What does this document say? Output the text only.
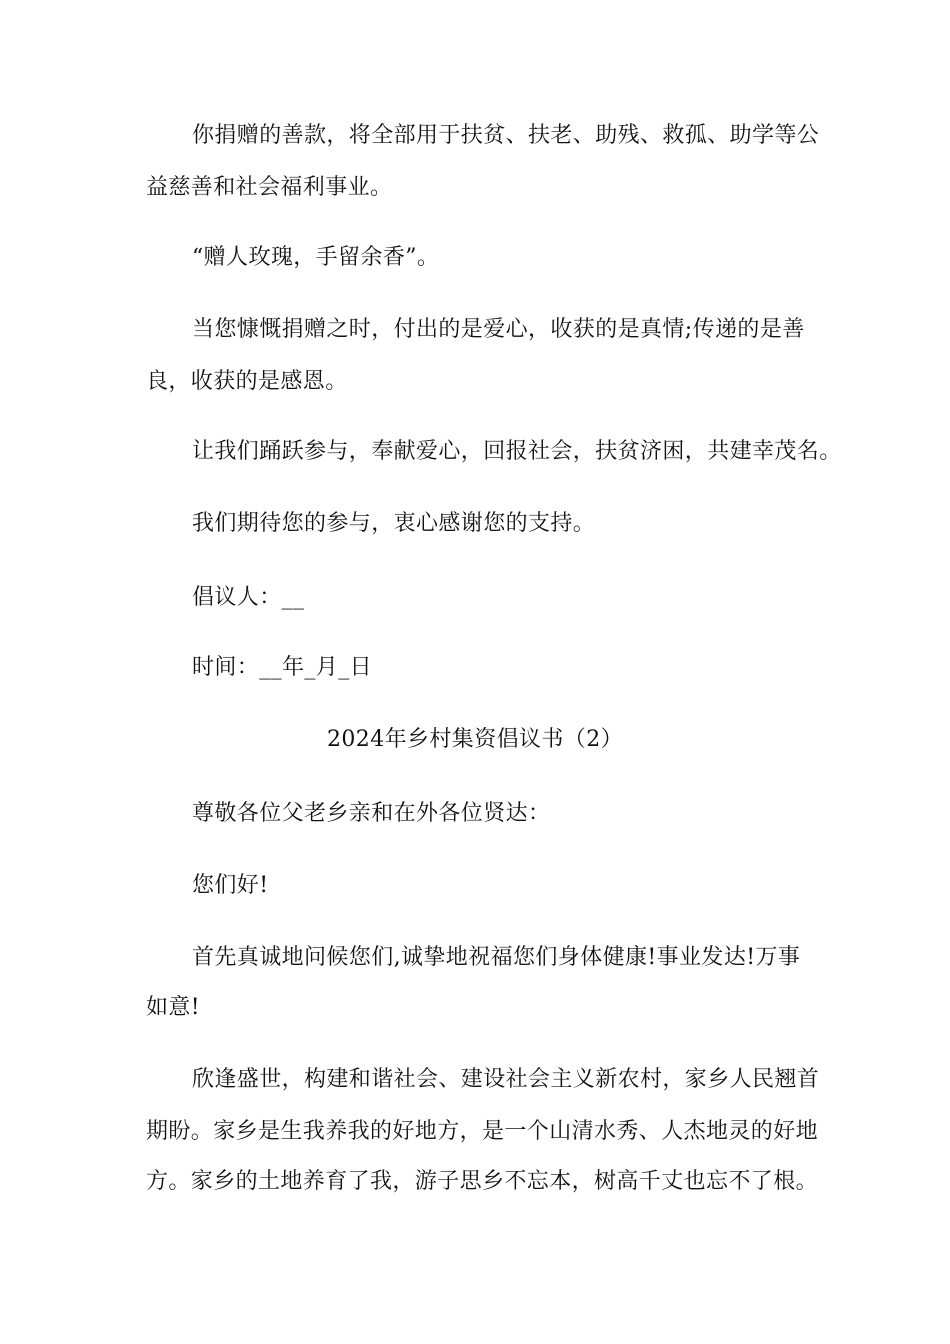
你捐赠的善款，将全部用于扶贫、扶老、助残、救孤、助学等公
益慈善和社会福利事业。
“赠人玫瑰，手留余香”。
当您慷慨捐赠之时，付出的是爱心，收获的是真情;传递的是善
良，收获的是感恩。
让我们踊跃参与，奉献爱心，回报社会，扶贫济困，共建幸茂名。
我们期待您的参与，衷心感谢您的支持。
倡议人：__
时间：__年_月_日
2024年乡村集资倡议书（2）
尊敬各位父老乡亲和在外各位贤达：
您们好!
首先真诚地问候您们,诚挚地祝福您们身体健康!事业发达!万事
如意!
欣逢盛世，构建和谐社会、建设社会主义新农村，家乡人民翘首
期盼。家乡是生我养我的好地方，是一个山清水秀、人杰地灵的好地
方。家乡的土地养育了我，游子思乡不忘本，树高千丈也忘不了根。
